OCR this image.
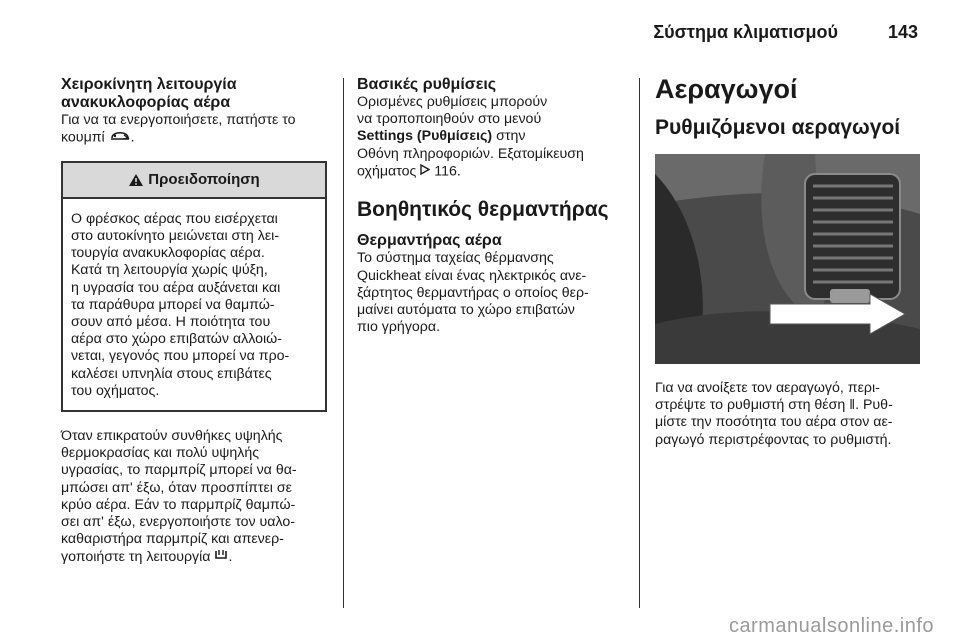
Σύστημα κλιματισμού	143

Χειροκίνητη λειτουργία
ανακυκλοφορίας αέρα

Για να τα ενεργοποιήσετε, πατήστε το
κουμπί .

Προειδοποίηση
Ο φρέσκος αέρας που εισέρχεται
στο αυτοκίνητο μειώνεται στη λει-
τουργία ανακυκλοφορίας αέρα.
Κατά τη λειτουργία χωρίς ψύξη,
η υγρασία του αέρα αυξάνεται και
τα παράθυρα μπορεί να θαμπώ-
σουν από μέσα. Η ποιότητα του
αέρα στο χώρο επιβατών αλλοιώ-
νεται, γεγονός που μπορεί να προ-
καλέσει υπνηλία στους επιβάτες
του οχήματος.

Όταν επικρατούν συνθήκες υψηλής
θερμοκρασίας και πολύ υψηλής
υγρασίας, το παρμπρίζ μπορεί να θα-
μπώσει απ' έξω, όταν προσπίπτει σε
κρύο αέρα. Εάν το παρμπρίζ θαμπώ-
σει απ' έξω, ενεργοποιήστε τον υαλο-
καθαριστήρα παρμπρίζ και απενερ-
γοποιήστε τη λειτουργία .

Βασικές ρυθμίσεις

Ορισμένες ρυθμίσεις μπορούν
να τροποποιηθούν στο μενού
Settings (Ρυθμίσεις) στην
Οθόνη πληροφοριών. Εξατομίκευση
οχήματος  116.

Βοηθητικός θερμαντήρας

Θερμαντήρας αέρα

Το σύστημα ταχείας θέρμανσης
Quickheat είναι ένας ηλεκτρικός ανε-
ξάρτητος θερμαντήρας ο οποίος θερ-
μαίνει αυτόματα το χώρο επιβατών
πιο γρήγορα.

Αεραγωγοί
Ρυθμιζόμενοι αεραγωγοί

Για να ανοίξετε τον αεραγωγό, περι-
στρέψτε το ρυθμιστή στη θέση ǁ. Ρυθ-
μίστε την ποσότητα του αέρα στον αε-
ραγωγό περιστρέφοντας το ρυθμιστή.

carmanualsonline.info
